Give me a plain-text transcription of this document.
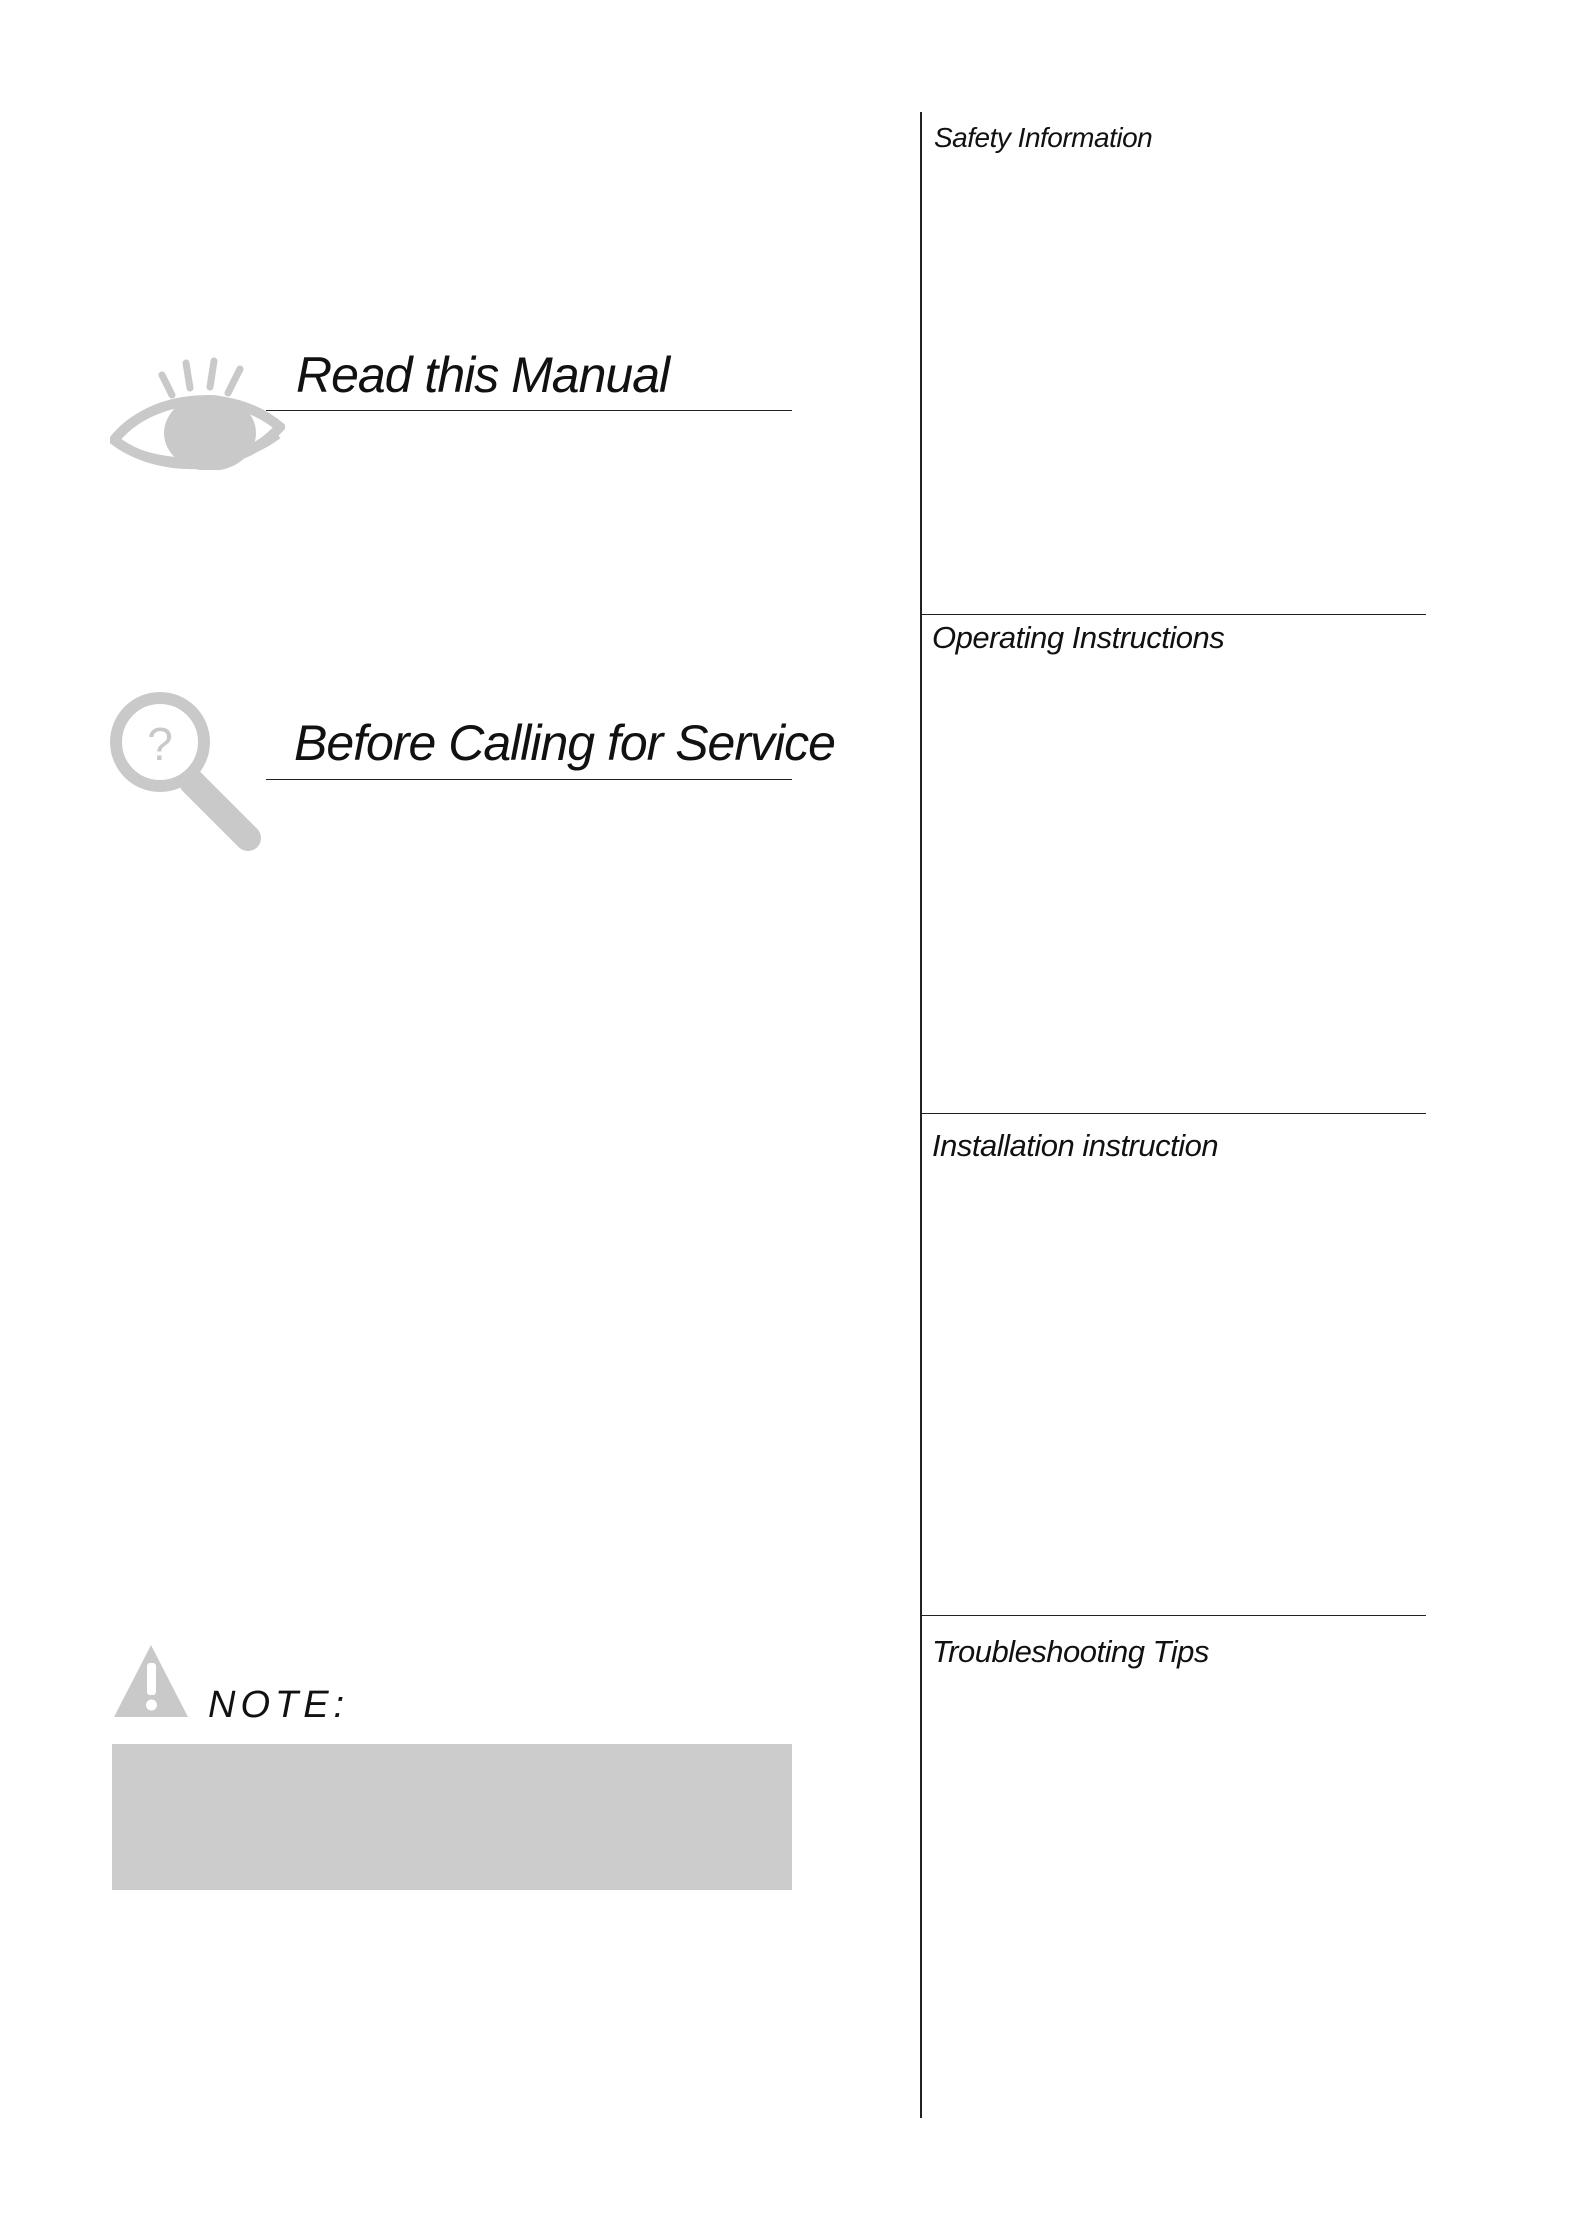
Read this Manual
? Before Calling for Service
NOTE:
Safety Information
Operating Instructions
Installation instruction
Troubleshooting Tips
